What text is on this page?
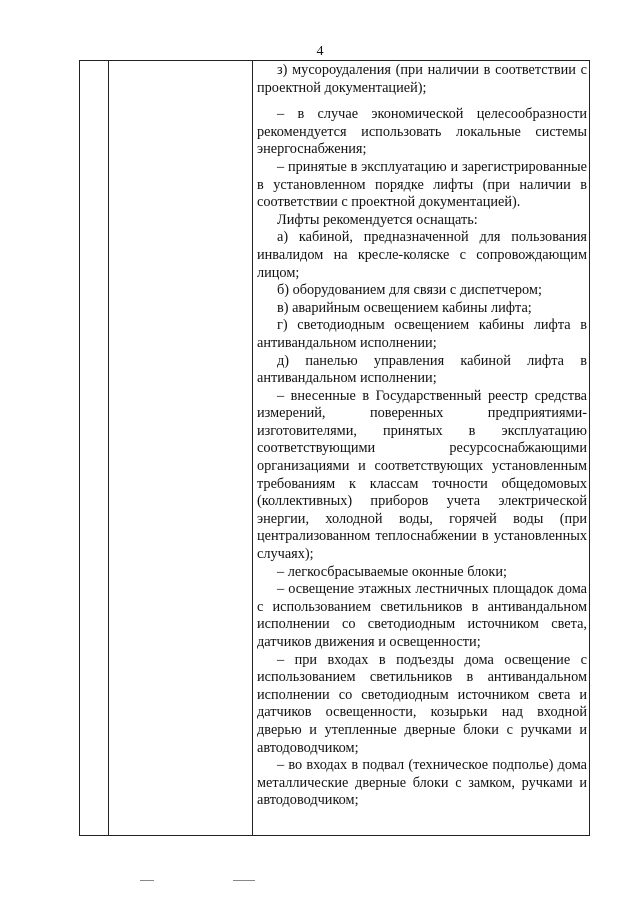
4

з) мусороудаления (при наличии в соответствии с проектной документацией);

– в случае экономической целесообразности рекомендуется использовать локальные системы энергоснабжения;

– принятые в эксплуатацию и зарегистрированные в установленном порядке лифты (при наличии в соответствии с проектной документацией).

Лифты рекомендуется оснащать:

а) кабиной, предназначенной для пользования инвалидом на кресле-коляске с сопровождающим лицом;

б) оборудованием для связи с диспетчером;

в) аварийным освещением кабины лифта;

г) светодиодным освещением кабины лифта в антивандальном исполнении;

д) панелью управления кабиной лифта в антивандальном исполнении;

– внесенные в Государственный реестр средства измерений, поверенных предприятиями-изготовителями, принятых в эксплуатацию соответствующими ресурсоснабжающими организациями и соответствующих установленным требованиям к классам точности общедомовых (коллективных) приборов учета электрической энергии, холодной воды, горячей воды (при централизованном теплоснабжении в установленных случаях);

– легкосбрасываемые оконные блоки;

– освещение этажных лестничных площадок дома с использованием светильников в антивандальном исполнении со светодиодным источником света, датчиков движения и освещенности;

– при входах в подъезды дома освещение с использованием светильников в антивандальном исполнении со светодиодным источником света и датчиков освещенности, козырьки над входной дверью и утепленные дверные блоки с ручками и автодоводчиком;

– во входах в подвал (техническое подполье) дома металлические дверные блоки с замком, ручками и автодоводчиком;
